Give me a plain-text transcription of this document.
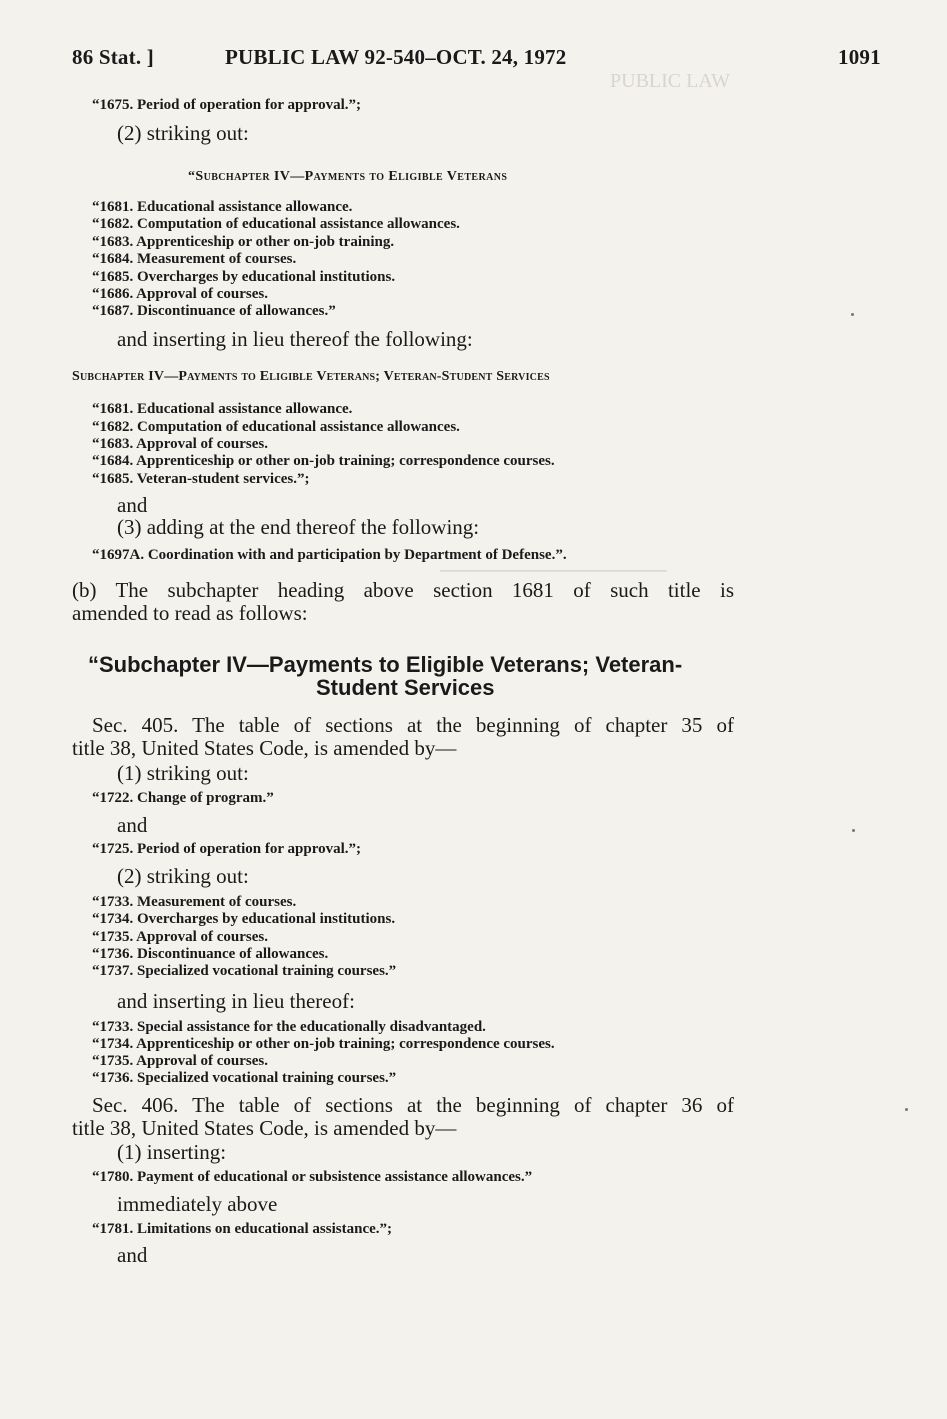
PUBLIC LAW
────────────────
86 Stat. ]	PUBLIC LAW 92-540–OCT. 24, 1972	1091
“1675. Period of operation for approval.”;
(2) striking out:
“Subchapter IV—Payments to Eligible Veterans
“1681. Educational assistance allowance.
“1682. Computation of educational assistance allowances.
“1683. Apprenticeship or other on-job training.
“1684. Measurement of courses.
“1685. Overcharges by educational institutions.
“1686. Approval of courses.
“1687. Discontinuance of allowances.”
and inserting in lieu thereof the following:
Subchapter IV—Payments to Eligible Veterans; Veteran-Student Services
“1681. Educational assistance allowance.
“1682. Computation of educational assistance allowances.
“1683. Approval of courses.
“1684. Apprenticeship or other on-job training; correspondence courses.
“1685. Veteran-student services.”;
and
(3) adding at the end thereof the following:
“1697A. Coordination with and participation by Department of Defense.”.
(b) The subchapter heading above section 1681 of such title is
amended to read as follows:
“Subchapter IV—Payments to Eligible Veterans; Veteran-
Student Services
Sec. 405. The table of sections at the beginning of chapter 35 of
title 38, United States Code, is amended by—
(1) striking out:
“1722. Change of program.”
and
“1725. Period of operation for approval.”;
(2) striking out:
“1733. Measurement of courses.
“1734. Overcharges by educational institutions.
“1735. Approval of courses.
“1736. Discontinuance of allowances.
“1737. Specialized vocational training courses.”
and inserting in lieu thereof:
“1733. Special assistance for the educationally disadvantaged.
“1734. Apprenticeship or other on-job training; correspondence courses.
“1735. Approval of courses.
“1736. Specialized vocational training courses.”
Sec. 406. The table of sections at the beginning of chapter 36 of
title 38, United States Code, is amended by—
(1) inserting:
“1780. Payment of educational or subsistence assistance allowances.”
immediately above
“1781. Limitations on educational assistance.”;
and
